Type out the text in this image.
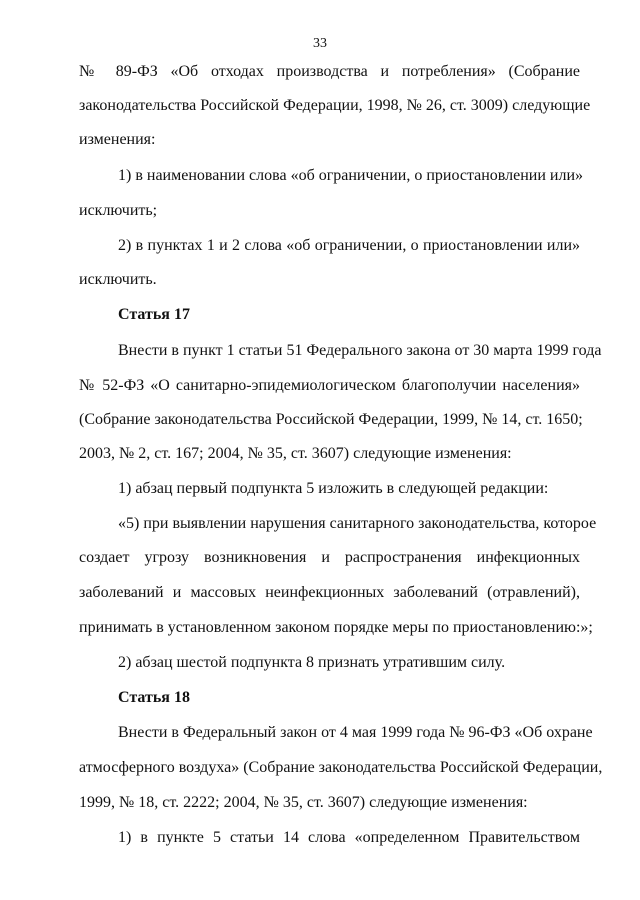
33
№ 89-ФЗ «Об отходах производства и потребления» (Собрание
законодательства Российской Федерации, 1998, № 26, ст. 3009) следующие
изменения:
1) в наименовании слова «об ограничении, о приостановлении или»
исключить;
2) в пунктах 1 и 2 слова «об ограничении, о приостановлении или»
исключить.
Статья 17
Внести в пункт 1 статьи 51 Федерального закона от 30 марта 1999 года
№ 52-ФЗ «О санитарно-эпидемиологическом благополучии населения»
(Собрание законодательства Российской Федерации, 1999, № 14, ст. 1650;
2003, № 2, ст. 167; 2004, № 35, ст. 3607) следующие изменения:
1) абзац первый подпункта 5 изложить в следующей редакции:
«5) при выявлении нарушения санитарного законодательства, которое
создает угрозу возникновения и распространения инфекционных
заболеваний и массовых неинфекционных заболеваний (отравлений),
принимать в установленном законом порядке меры по приостановлению:»;
2) абзац шестой подпункта 8 признать утратившим силу.
Статья 18
Внести в Федеральный закон от 4 мая 1999 года № 96-ФЗ «Об охране
атмосферного воздуха» (Собрание законодательства Российской Федерации,
1999, № 18, ст. 2222; 2004, № 35, ст. 3607) следующие изменения:
1) в пункте 5 статьи 14 слова «определенном Правительством
